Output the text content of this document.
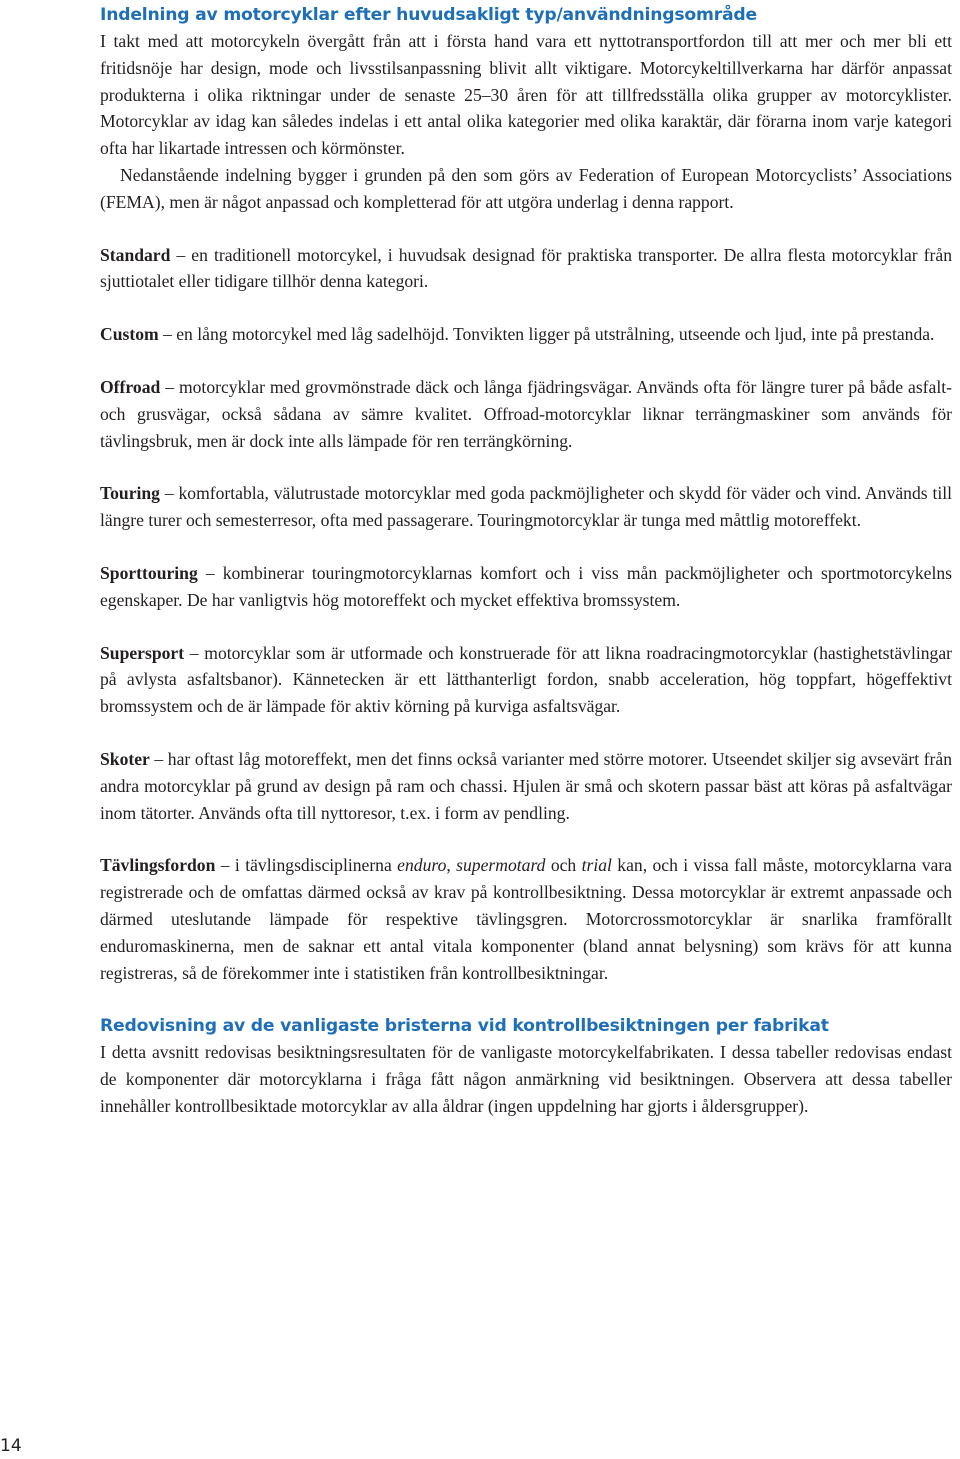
Indelning av motorcyklar efter huvudsakligt typ/användningsområde

I takt med att motorcykeln övergått från att i första hand vara ett nyttotransportfordon till att mer och mer bli ett fritidsnöje har design, mode och livsstilsanpassning blivit allt viktigare. Motorcykeltillverkarna har därför anpassat produkterna i olika riktningar under de senaste 25–30 åren för att tillfredsställa olika grupper av motorcyklister. Motorcyklar av idag kan således indelas i ett antal olika kategorier med olika karaktär, där förarna inom varje kategori ofta har likartade intressen och körmönster.

Nedanstående indelning bygger i grunden på den som görs av Federation of European Motorcyclists’ Associations (FEMA), men är något anpassad och kompletterad för att utgöra underlag i denna rapport.

Standard – en traditionell motorcykel, i huvudsak designad för praktiska transporter. De allra flesta motorcyklar från sjuttiotalet eller tidigare tillhör denna kategori.

Custom – en lång motorcykel med låg sadelhöjd. Tonvikten ligger på utstrålning, utseende och ljud, inte på prestanda.

Offroad – motorcyklar med grovmönstrade däck och långa fjädringsvägar. Används ofta för längre turer på både asfalt- och grusvägar, också sådana av sämre kvalitet. Offroad-motorcyklar liknar terrängmaskiner som används för tävlingsbruk, men är dock inte alls lämpade för ren terrängkörning.

Touring – komfortabla, välutrustade motorcyklar med goda packmöjligheter och skydd för väder och vind. Används till längre turer och semesterresor, ofta med passagerare. Touringmotorcyklar är tunga med måttlig motoreffekt.

Sporttouring – kombinerar touringmotorcyklarnas komfort och i viss mån packmöjligheter och sportmotorcykelns egenskaper. De har vanligtvis hög motoreffekt och mycket effektiva bromssystem.

Supersport – motorcyklar som är utformade och konstruerade för att likna roadracingmotorcyklar (hastighetstävlingar på avlysta asfaltsbanor). Kännetecken är ett lätthanterligt fordon, snabb acceleration, hög toppfart, högeffektivt bromssystem och de är lämpade för aktiv körning på kurviga asfaltsvägar.

Skoter – har oftast låg motoreffekt, men det finns också varianter med större motorer. Utseendet skiljer sig avsevärt från andra motorcyklar på grund av design på ram och chassi. Hjulen är små och skotern passar bäst att köras på asfaltvägar inom tätorter. Används ofta till nyttoresor, t.ex. i form av pendling.

Tävlingsfordon – i tävlingsdisciplinerna enduro, supermotard och trial kan, och i vissa fall måste, motorcyklarna vara registrerade och de omfattas därmed också av krav på kontrollbesiktning. Dessa motorcyklar är extremt anpassade och därmed uteslutande lämpade för respektive tävlingsgren. Motorcrossmotorcyklar är snarlika framförallt enduromaskinerna, men de saknar ett antal vitala komponenter (bland annat belysning) som krävs för att kunna registreras, så de förekommer inte i statistiken från kontrollbesiktningar.

Redovisning av de vanligaste bristerna vid kontrollbesiktningen per fabrikat

I detta avsnitt redovisas besiktningsresultaten för de vanligaste motorcykelfabrikaten. I dessa tabeller redovisas endast de komponenter där motorcyklarna i fråga fått någon anmärkning vid besiktningen. Observera att dessa tabeller innehåller kontrollbesiktade motorcyklar av alla åldrar (ingen uppdelning har gjorts i åldersgrupper).

14
